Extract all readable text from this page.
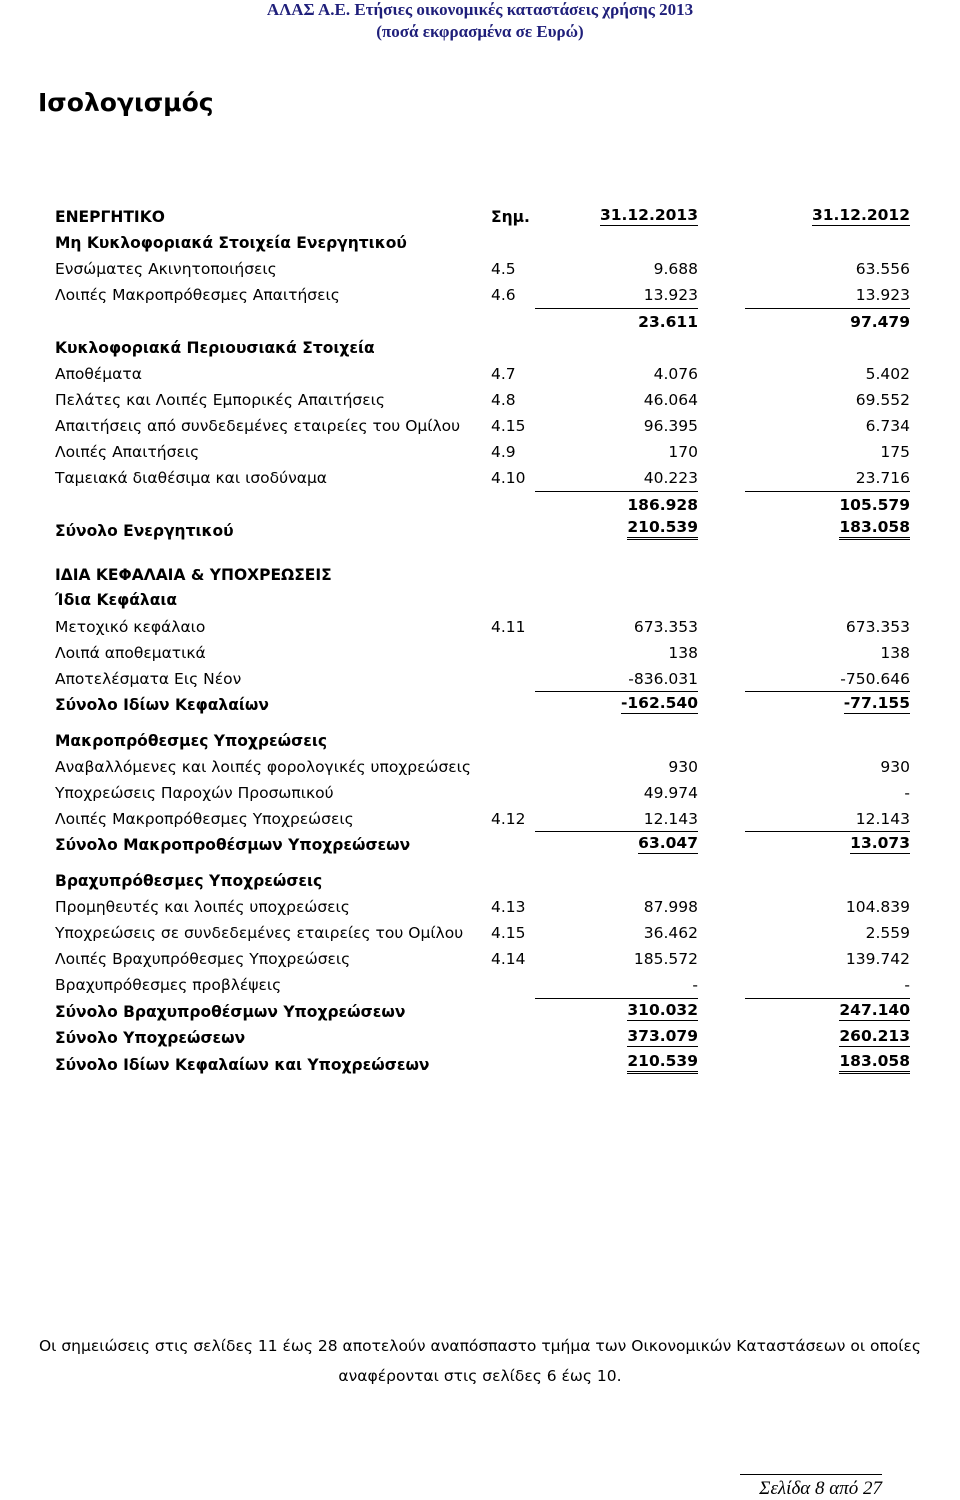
ΑΛΑΣ Α.Ε. Ετήσιες οικονομικές καταστάσεις χρήσης 2013
(ποσά εκφρασμένα σε Ευρώ)
Ισολογισμός
ΕΝΕΡΓΗΤΙΚΟ	Σημ.	31.12.2013	31.12.2012
Μη Κυκλοφοριακά Στοιχεία Ενεργητικού
Ενσώματες Ακινητοποιήσεις	4.5	9.688	63.556
Λοιπές Μακροπρόθεσμες Απαιτήσεις	4.6	13.923	13.923
23.611	97.479
Κυκλοφοριακά Περιουσιακά Στοιχεία
Αποθέματα	4.7	4.076	5.402
Πελάτες και Λοιπές Εμπορικές Απαιτήσεις	4.8	46.064	69.552
Απαιτήσεις από συνδεδεμένες εταιρείες του Ομίλου 4.15	96.395	6.734
Λοιπές Απαιτήσεις	4.9	170	175
Ταμειακά διαθέσιμα και ισοδύναμα	4.10	40.223	23.716
186.928	105.579
Σύνολο Ενεργητικού	210.539	183.058
ΙΔΙΑ ΚΕΦΑΛΑΙΑ & ΥΠΟΧΡΕΩΣΕΙΣ
Ίδια Κεφάλαια
Μετοχικό κεφάλαιο	4.11	673.353	673.353
Λοιπά αποθεματικά	138	138
Αποτελέσματα Εις Νέον	-836.031	-750.646
Σύνολο Ιδίων Κεφαλαίων	-162.540	-77.155
Μακροπρόθεσμες Υποχρεώσεις
Αναβαλλόμενες και λοιπές φορολογικές υποχρεώσεις	930	930
Υποχρεώσεις Παροχών Προσωπικού	49.974	-
Λοιπές Μακροπρόθεσμες Υποχρεώσεις	4.12	12.143	12.143
Σύνολο Μακροπροθέσμων Υποχρεώσεων	63.047	13.073
Βραχυπρόθεσμες Υποχρεώσεις
Προμηθευτές και λοιπές υποχρεώσεις	4.13	87.998	104.839
Υποχρεώσεις σε συνδεδεμένες εταιρείες του Ομίλου 4.15	36.462	2.559
Λοιπές Βραχυπρόθεσμες Υποχρεώσεις	4.14	185.572	139.742
Βραχυπρόθεσμες προβλέψεις	-	-
Σύνολο Βραχυπροθέσμων Υποχρεώσεων	310.032	247.140
Σύνολο Υποχρεώσεων	373.079	260.213
Σύνολο Ιδίων Κεφαλαίων και Υποχρεώσεων	210.539	183.058
Οι σημειώσεις στις σελίδες 11 έως 28 αποτελούν αναπόσπαστο τμήμα των Οικονομικών Καταστάσεων οι οποίες
αναφέρονται στις σελίδες 6 έως 10.
Σελίδα 8 από 27
